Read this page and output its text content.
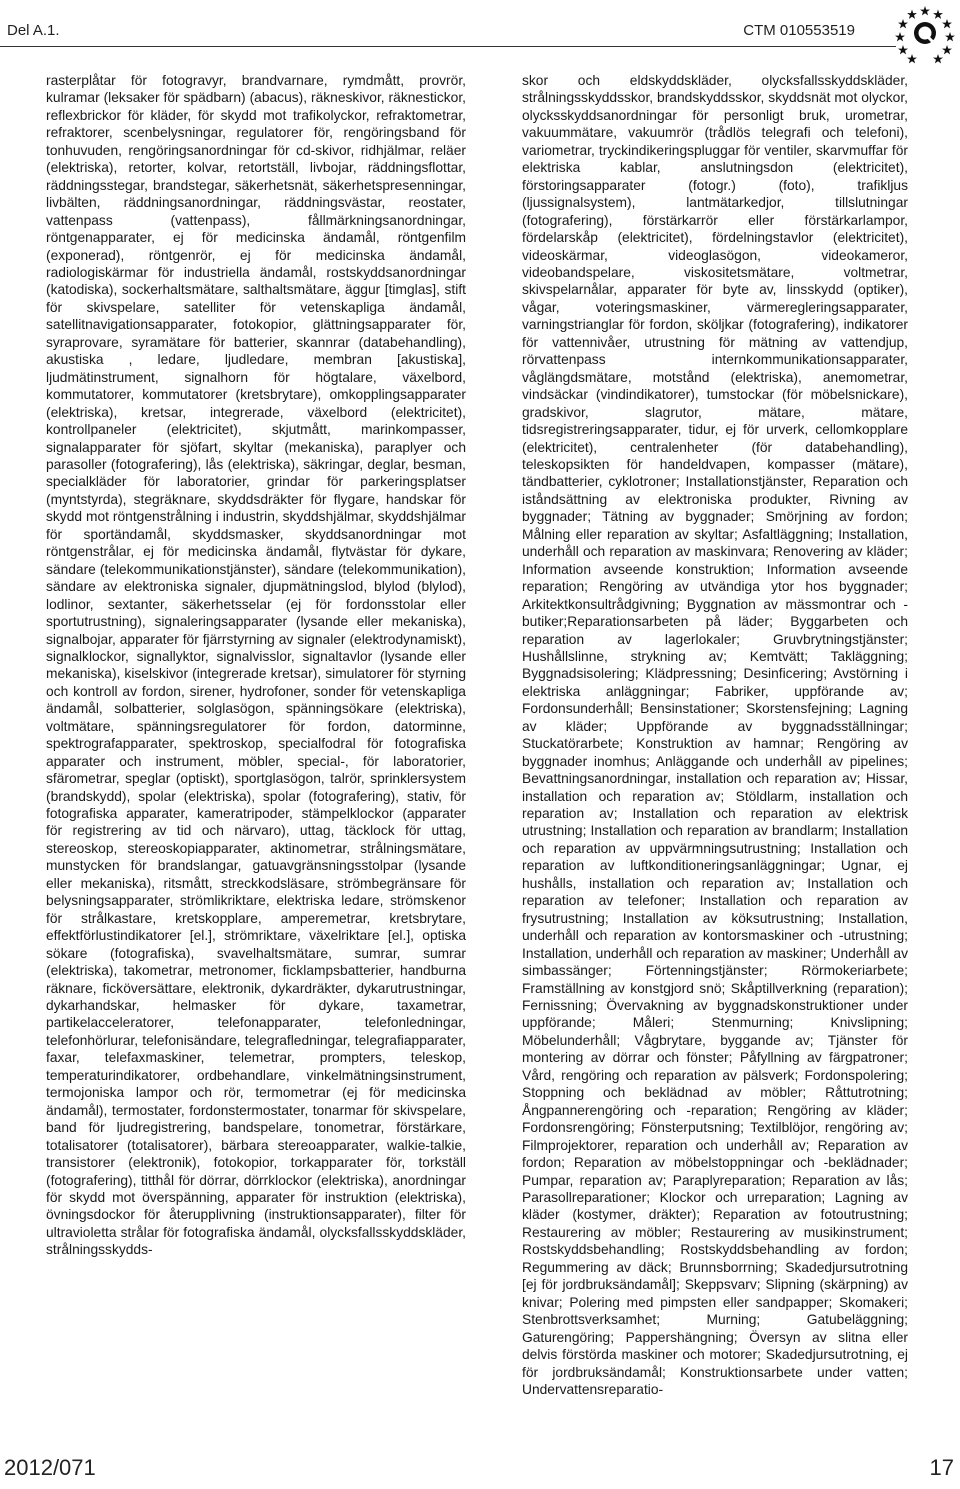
Del A.1.	CTM 010553519

rasterplåtar för fotogravyr, brandvarnare, rymdmått, provrör, kulramar (leksaker för spädbarn) (abacus), räkneskivor, räknestickor, reflexbrickor för kläder, för skydd mot trafikolyckor, refraktometrar, refraktorer, scenbelysningar, regulatorer för, rengöringsband för tonhuvuden, rengöringsanordningar för cd-skivor, ridhjälmar, reläer (elektriska), retorter, kolvar, retortställ, livbojar, räddningsflottar, räddningsstegar, brandstegar, säkerhetsnät, säkerhetspresenningar, livbälten, räddningsanordningar, räddningsvästar, reostater, vattenpass (vattenpass), fållmärkningsanordningar, röntgenapparater, ej för medicinska ändamål, röntgenfilm (exponerad), röntgenrör, ej för medicinska ändamål, radiologiskärmar för industriella ändamål, rostskyddsanordningar (katodiska), sockerhaltsmätare, salthaltsmätare, äggur [timglas], stift för skivspelare, satelliter för vetenskapliga ändamål, satellitnavigationsapparater, fotokopior, glättningsapparater för, syraprovare, syramätare för batterier, skannrar (databehandling), akustiska , ledare, ljudledare, membran [akustiska], ljudmätinstrument, signalhorn för högtalare, växelbord, kommutatorer, kommutatorer (kretsbrytare), omkopplingsapparater (elektriska), kretsar, integrerade, växelbord (elektricitet), kontrollpaneler (elektricitet), skjutmått, marinkompasser, signalapparater för sjöfart, skyltar (mekaniska), paraplyer och parasoller (fotografering), lås (elektriska), säkringar, deglar, besman, specialkläder för laboratorier, grindar för parkeringsplatser (myntstyrda), stegräknare, skyddsdräkter för flygare, handskar för skydd mot röntgenstrålning i industrin, skyddshjälmar, skyddshjälmar för sportändamål, skyddsmasker, skyddsanordningar mot röntgenstrålar, ej för medicinska ändamål, flytvästar för dykare, sändare (telekommunikationstjänster), sändare (telekommunikation), sändare av elektroniska signaler, djupmätningslod, blylod (blylod), lodlinor, sextanter, säkerhetsselar (ej för fordonsstolar eller sportutrustning), signaleringsapparater (lysande eller mekaniska), signalbojar, apparater för fjärrstyrning av signaler (elektrodynamiskt), signalklockor, signallyktor, signalvisslor, signaltavlor (lysande eller mekaniska), kiselskivor (integrerade kretsar), simulatorer för styrning och kontroll av fordon, sirener, hydrofoner, sonder för vetenskapliga ändamål, solbatterier, solglasögon, spänningsökare (elektriska), voltmätare, spänningsregulatorer för fordon, datorminne, spektrografapparater, spektroskop, specialfodral för fotografiska apparater och instrument, möbler, special-, för laboratorier, sfärometrar, speglar (optiskt), sportglasögon, talrör, sprinklersystem (brandskydd), spolar (elektriska), spolar (fotografering), stativ, för fotografiska apparater, kameratripoder, stämpelklockor (apparater för registrering av tid och närvaro), uttag, täcklock för uttag, stereoskop, stereoskopiapparater, aktinometrar, strålningsmätare, munstycken för brandslangar, gatuavgränsningsstolpar (lysande eller mekaniska), ritsmått, streckkodsläsare, strömbegränsare för belysningsapparater, strömlikriktare, elektriska ledare, strömskenor för strålkastare, kretskopplare, amperemetrar, kretsbrytare, effektförlustindikatorer [el.], strömriktare, växelriktare [el.], optiska sökare (fotografiska), svavelhaltsmätare, sumrar, sumrar (elektriska), takometrar, metronomer, ficklampsbatterier, handburna räknare, ficköversättare, elektronik, dykardräkter, dykarutrustningar, dykarhandskar, helmasker för dykare, taxametrar, partikelacceleratorer, telefonapparater, telefonledningar, telefonhörlurar, telefonisändare, telegrafledningar, telegrafiapparater, faxar, telefaxmaskiner, telemetrar, prompters, teleskop, temperaturindikatorer, ordbehandlare, vinkelmätningsinstrument, termojoniska lampor och rör, termometrar (ej för medicinska ändamål), termostater, fordonstermostater, tonarmar för skivspelare, band för ljudregistrering, bandspelare, tonometrar, förstärkare, totalisatorer (totalisatorer), bärbara stereoapparater, walkie-talkie, transistorer (elektronik), fotokopior, torkapparater för, torkställ (fotografering), titthål för dörrar, dörrklockor (elektriska), anordningar för skydd mot överspänning, apparater för instruktion (elektriska), övningsdockor för återupplivning (instruktionsapparater), filter för ultravioletta strålar för fotografiska ändamål, olycksfallsskyddskläder, strålningsskydds-

skor och eldskyddskläder, olycksfallsskyddskläder, strålningsskyddsskor, brandskyddsskor, skyddsnät mot olyckor, olycksskyddsanordningar för personligt bruk, urometrar, vakuummätare, vakuumrör (trådlös telegrafi och telefoni), variometrar, tryckindikeringspluggar för ventiler, skarvmuffar för elektriska kablar, anslutningsdon (elektricitet), förstoringsapparater (fotogr.) (foto), trafikljus (ljussignalsystem), lantmätarkedjor, tillslutningar (fotografering), förstärkarrör eller förstärkarlampor, fördelarskåp (elektricitet), fördelningstavlor (elektricitet), videoskärmar, videoglasögon, videokameror, videobandspelare, viskositetsmätare, voltmetrar, skivspelarnålar, apparater för byte av, linsskydd (optiker), vågar, voteringsmaskiner, värmeregleringsapparater, varningstrianglar för fordon, sköljkar (fotografering), indikatorer för vattennivåer, utrustning för mätning av vattendjup, rörvattenpass internkommunikationsapparater, våglängdsmätare, motstånd (elektriska), anemometrar, vindsäckar (vindindikatorer), tumstockar (för möbelsnickare), gradskivor, slagrutor, mätare, mätare, tidsregistreringsapparater, tidur, ej för urverk, cellomkopplare (elektricitet), centralenheter (för databehandling), teleskopsikten för handeldvapen, kompasser (mätare), tändbatterier, cyklotroner; Installationstjänster, Reparation och iståndsättning av elektroniska produkter, Rivning av byggnader; Tätning av byggnader; Smörjning av fordon; Målning eller reparation av skyltar; Asfaltläggning; Installation, underhåll och reparation av maskinvara; Renovering av kläder; Information avseende konstruktion; Information avseende reparation; Rengöring av utvändiga ytor hos byggnader; Arkitektkonsultrådgivning; Byggnation av mässmontrar och -butiker;Reparationsarbeten på läder; Byggarbeten och reparation av lagerlokaler; Gruvbrytningstjänster; Hushållslinne, strykning av; Kemtvätt; Takläggning; Byggnadsisolering; Klädpressning; Desinficering; Avstörning i elektriska anläggningar; Fabriker, uppförande av; Fordonsunderhåll; Bensinstationer; Skorstensfejning; Lagning av kläder; Uppförande av byggnadsställningar; Stuckatörarbete; Konstruktion av hamnar; Rengöring av byggnader inomhus; Anläggande och underhåll av pipelines; Bevattningsanordningar, installation och reparation av; Hissar, installation och reparation av; Stöldlarm, installation och reparation av; Installation och reparation av elektrisk utrustning; Installation och reparation av brandlarm; Installation och reparation av uppvärmningsutrustning; Installation och reparation av luftkonditioneringsanläggningar; Ugnar, ej hushålls, installation och reparation av; Installation och reparation av telefoner; Installation och reparation av frysutrustning; Installation av köksutrustning; Installation, underhåll och reparation av kontorsmaskiner och -utrustning; Installation, underhåll och reparation av maskiner; Underhåll av simbassänger; Förtenningstjänster; Rörmokeriarbete; Framställning av konstgjord snö; Skåptillverkning (reparation); Fernissning; Övervakning av byggnadskonstruktioner under uppförande; Måleri; Stenmurning; Knivslipning; Möbelunderhåll; Vågbrytare, byggande av; Tjänster för montering av dörrar och fönster; Påfyllning av färgpatroner; Vård, rengöring och reparation av pälsverk; Fordonspolering; Stoppning och beklädnad av möbler; Råttutrotning; Ångpannerengöring och -reparation; Rengöring av kläder; Fordonsrengöring; Fönsterputsning; Textilblöjor, rengöring av; Filmprojektorer, reparation och underhåll av; Reparation av fordon; Reparation av möbelstoppningar och -beklädnader; Pumpar, reparation av; Paraplyreparation; Reparation av lås; Parasollreparationer; Klockor och urreparation; Lagning av kläder (kostymer, dräkter); Reparation av fotoutrustning; Restaurering av möbler; Restaurering av musikinstrument; Rostskyddsbehandling; Rostskyddsbehandling av fordon; Regummering av däck; Brunnsborrning; Skadedjursutrotning [ej för jordbruksändamål]; Skeppsvarv; Slipning (skärpning) av knivar; Polering med pimpsten eller sandpapper; Skomakeri; Stenbrottsverksamhet; Murning; Gatubeläggning; Gaturengöring; Pappershängning; Översyn av slitna eller delvis förstörda maskiner och motorer; Skadedjursutrotning, ej för jordbruksändamål; Konstruktionsarbete under vatten; Undervattensreparatio-

2012/071	17
